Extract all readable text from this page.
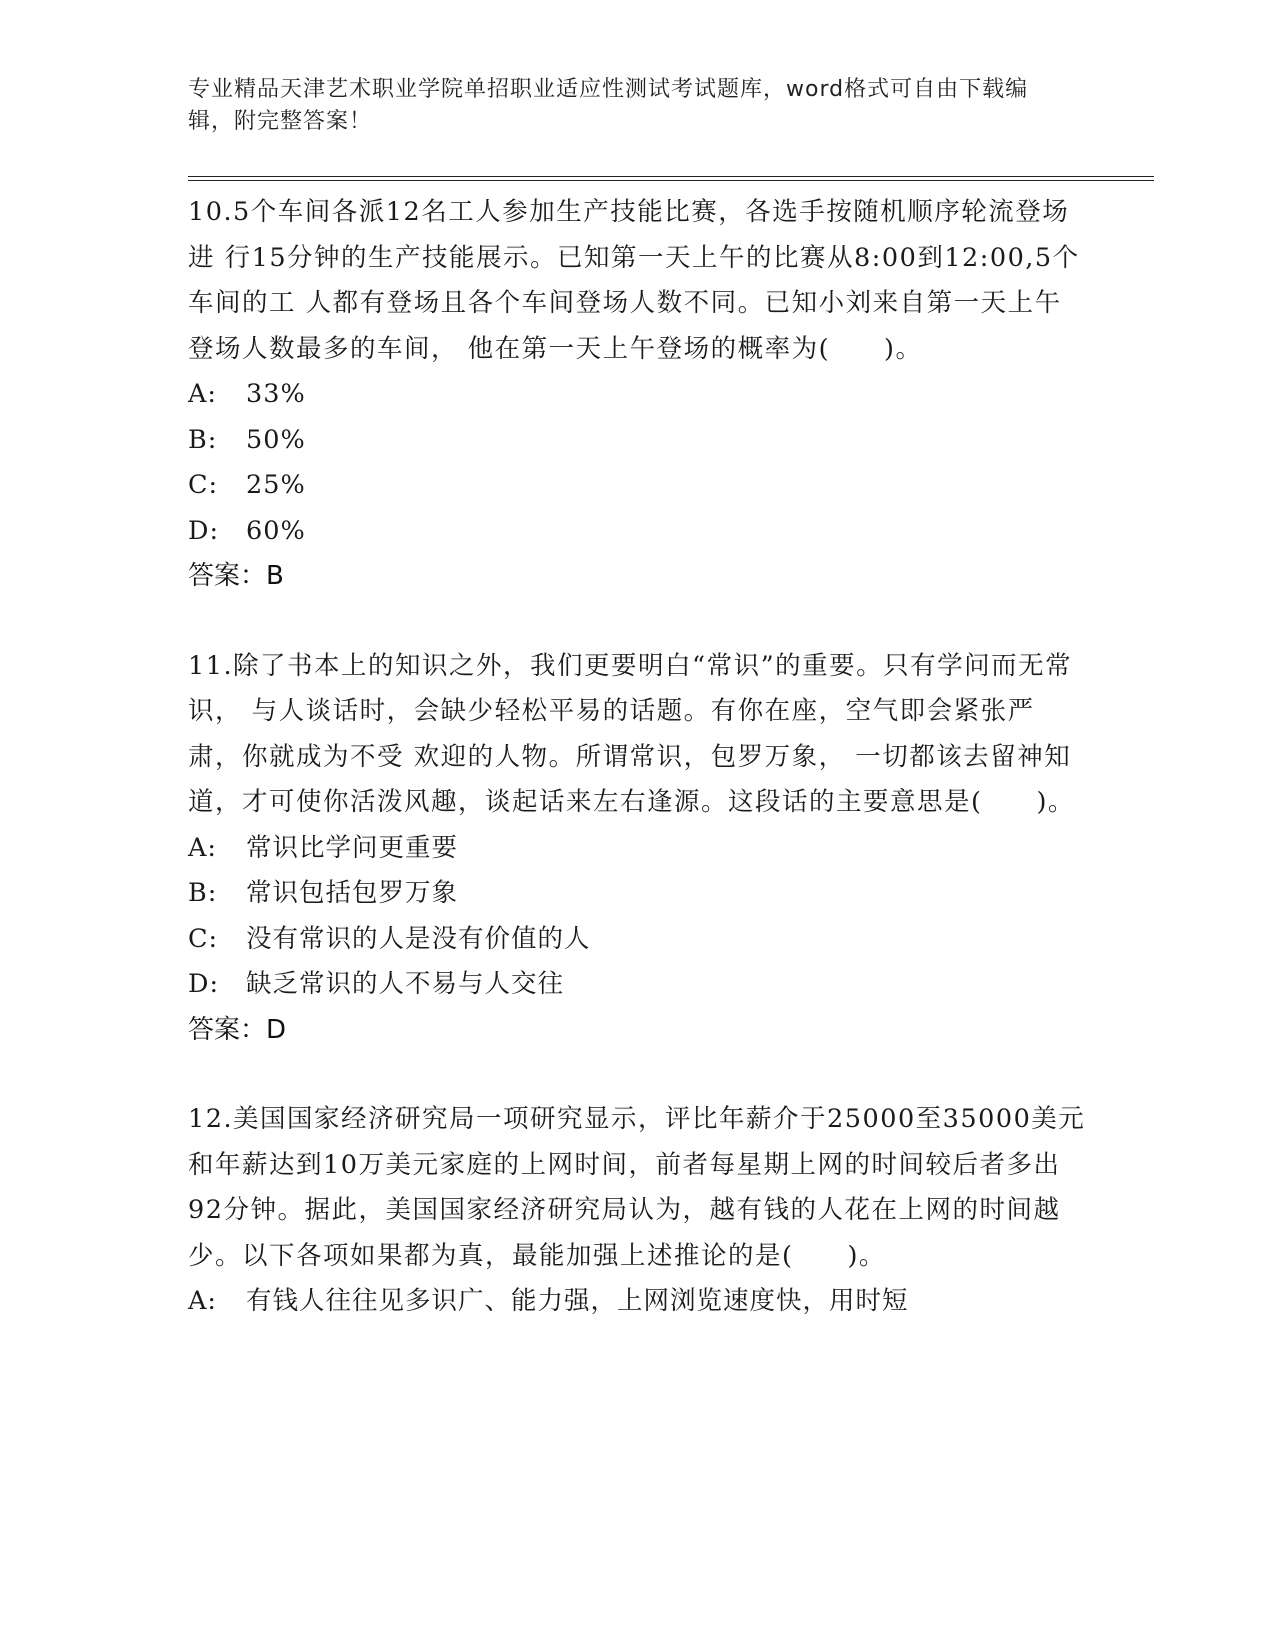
专业精品天津艺术职业学院单招职业适应性测试考试题库，word格式可自由下载编辑，附完整答案！

10.5个车间各派12名工人参加生产技能比赛，各选手按随机顺序轮流登场进 行15分钟的生产技能展示。已知第一天上午的比赛从8:00到12:00,5个车间的工 人都有登场且各个车间登场人数不同。已知小刘来自第一天上午登场人数最多的车间， 他在第一天上午登场的概率为(　　)。

A:	33%
B:	50%
C:	25%
D:	60%

答案：B

11.除了书本上的知识之外，我们更要明白“常识”的重要。只有学问而无常识， 与人谈话时，会缺少轻松平易的话题。有你在座，空气即会紧张严肃，你就成为不受 欢迎的人物。所谓常识，包罗万象， 一切都该去留神知道，才可使你活泼风趣，谈起话来左右逢源。这段话的主要意思是(　　)。

A:	常识比学问更重要
B:	常识包括包罗万象
C:	没有常识的人是没有价值的人
D:	缺乏常识的人不易与人交往

答案：D

12.美国国家经济研究局一项研究显示，评比年薪介于25000至35000美元和年薪达到10万美元家庭的上网时间，前者每星期上网的时间较后者多出92分钟。据此，美国国家经济研究局认为，越有钱的人花在上网的时间越少。以下各项如果都为真，最能加强上述推论的是(　　)。

A:	有钱人往往见多识广、能力强，上网浏览速度快，用时短
